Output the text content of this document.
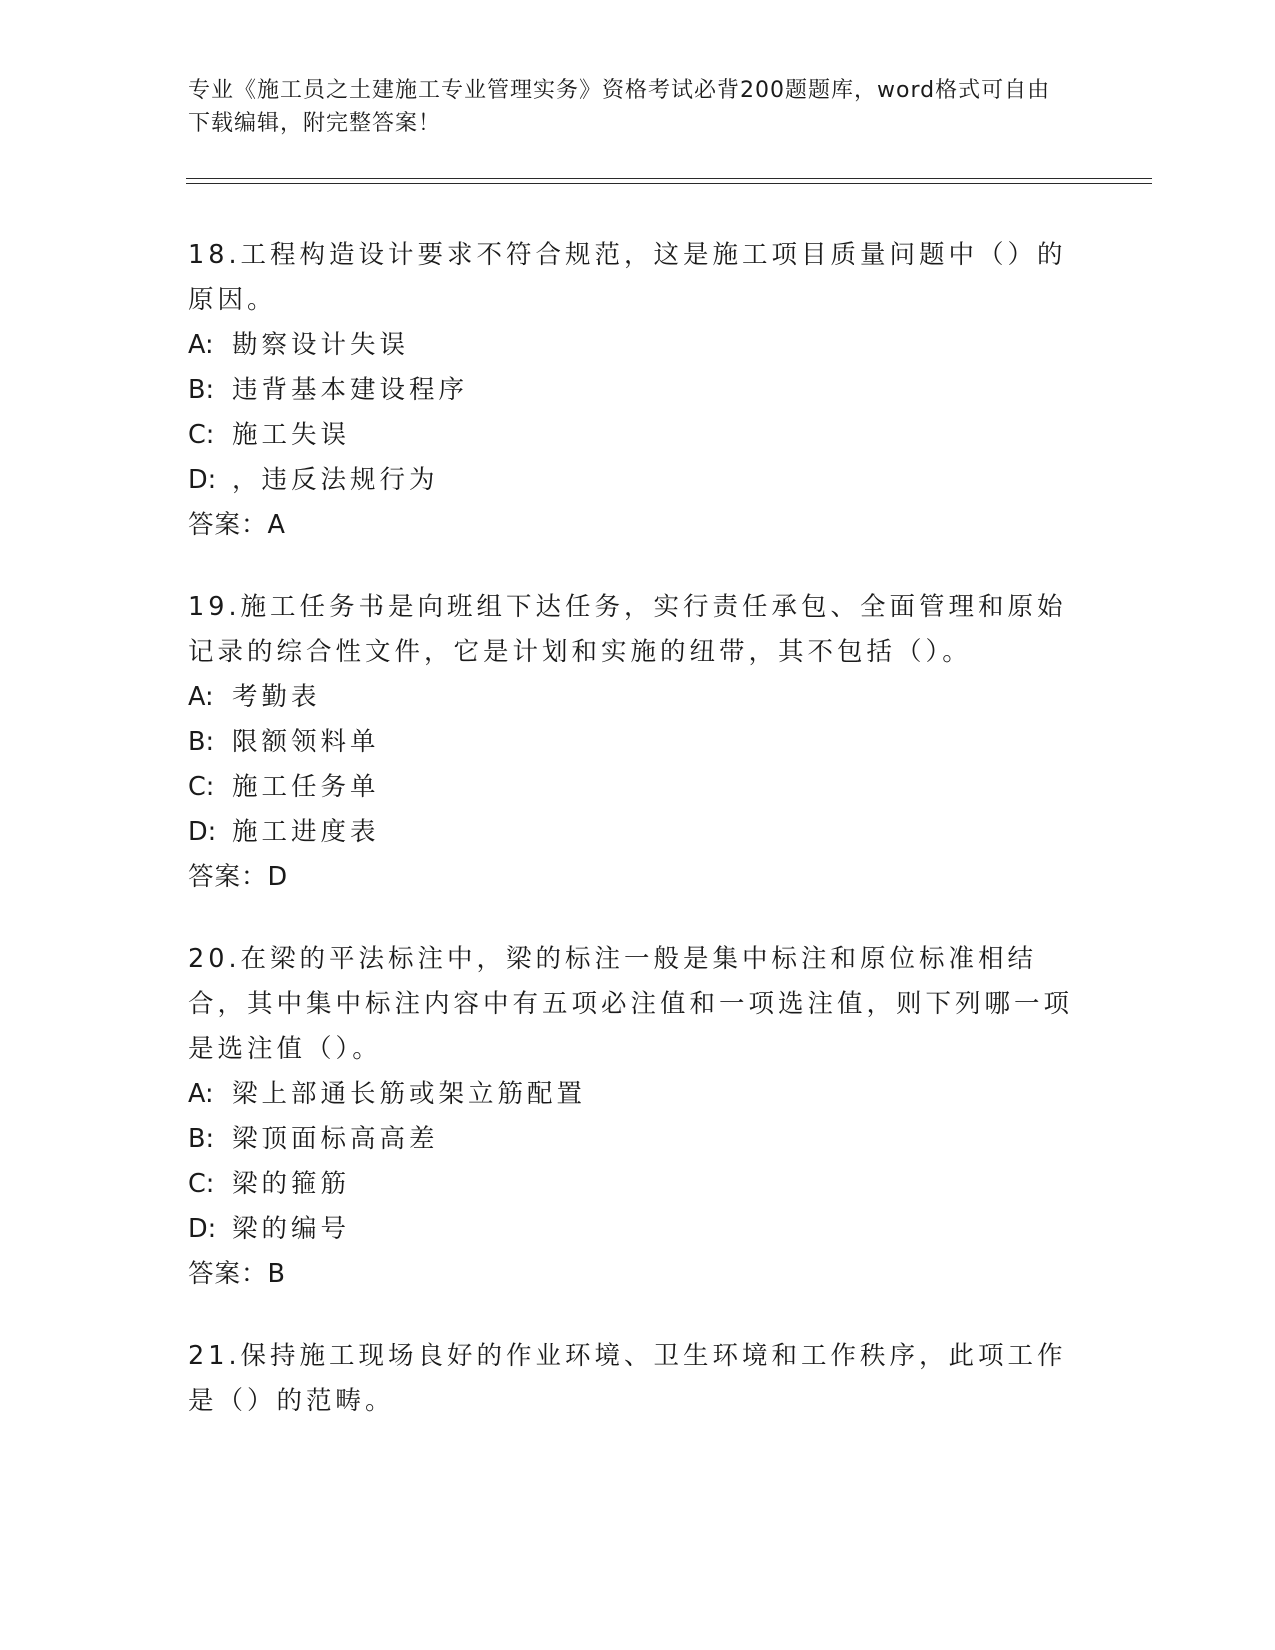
专业《施工员之土建施工专业管理实务》资格考试必背200题题库，word格式可自由下载编辑，附完整答案！

18.工程构造设计要求不符合规范，这是施工项目质量问题中（）的原因。

A: 勘察设计失误

B: 违背基本建设程序

C: 施工失误

D: ，违反法规行为

答案：A

19.施工任务书是向班组下达任务，实行责任承包、全面管理和原始记录的综合性文件，它是计划和实施的纽带，其不包括（）。

A: 考勤表

B: 限额领料单

C: 施工任务单

D: 施工进度表

答案：D

20.在梁的平法标注中，梁的标注一般是集中标注和原位标准相结合，其中集中标注内容中有五项必注值和一项选注值，则下列哪一项是选注值（）。

A: 梁上部通长筋或架立筋配置

B: 梁顶面标高高差

C: 梁的箍筋

D: 梁的编号

答案：B

21.保持施工现场良好的作业环境、卫生环境和工作秩序，此项工作是（）的范畴。
